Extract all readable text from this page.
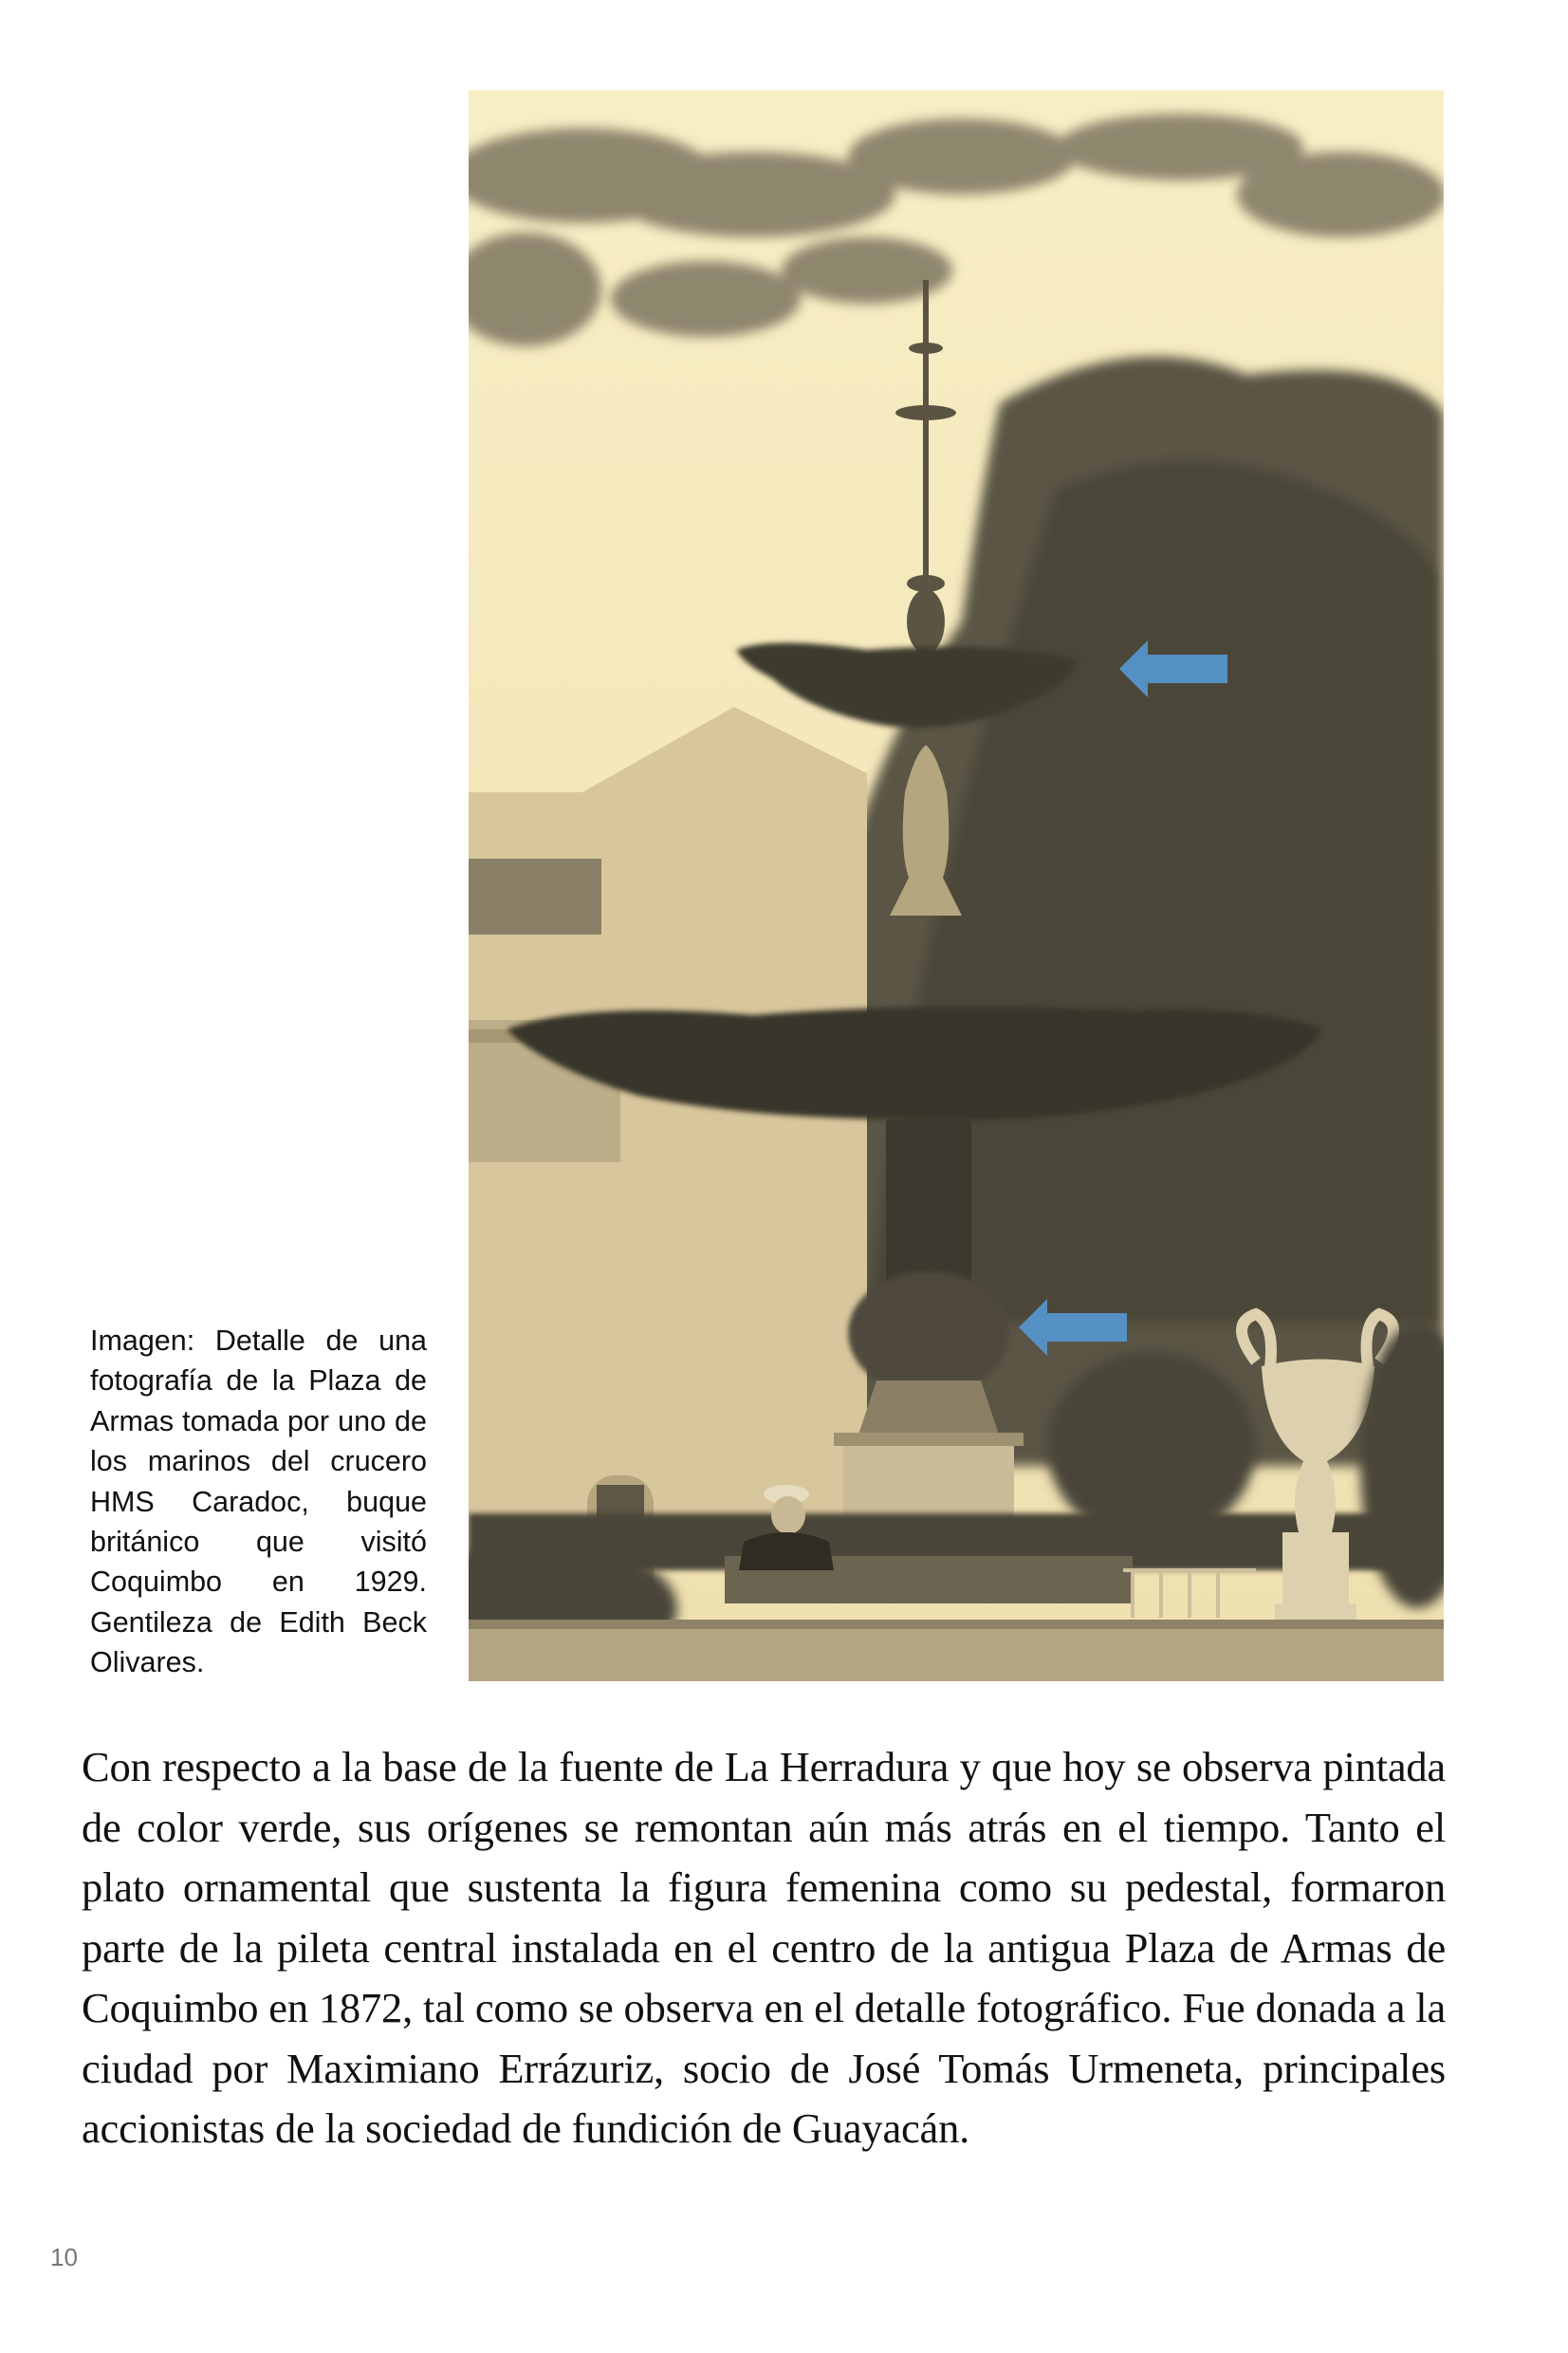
Imagen: Detalle de una fotografía de la Plaza de Armas tomada por uno de los marinos del crucero HMS Caradoc, buque británico que visitó Coquimbo en 1929. Gentileza de Edith Beck Olivares.

Con respecto a la base de la fuente de La Herradura y que hoy se observa pintada de color verde, sus orígenes se remontan aún más atrás en el tiempo. Tanto el plato ornamental que sustenta la figura femenina como su pedestal, formaron parte de la pileta central instalada en el centro de la antigua Plaza de Armas de Coquimbo en 1872, tal como se observa en el detalle fotográfico. Fue donada a la ciudad por Maximiano Errázuriz, socio de José Tomás Urmeneta, principales accionistas de la sociedad de fundición de Guayacán.

10
